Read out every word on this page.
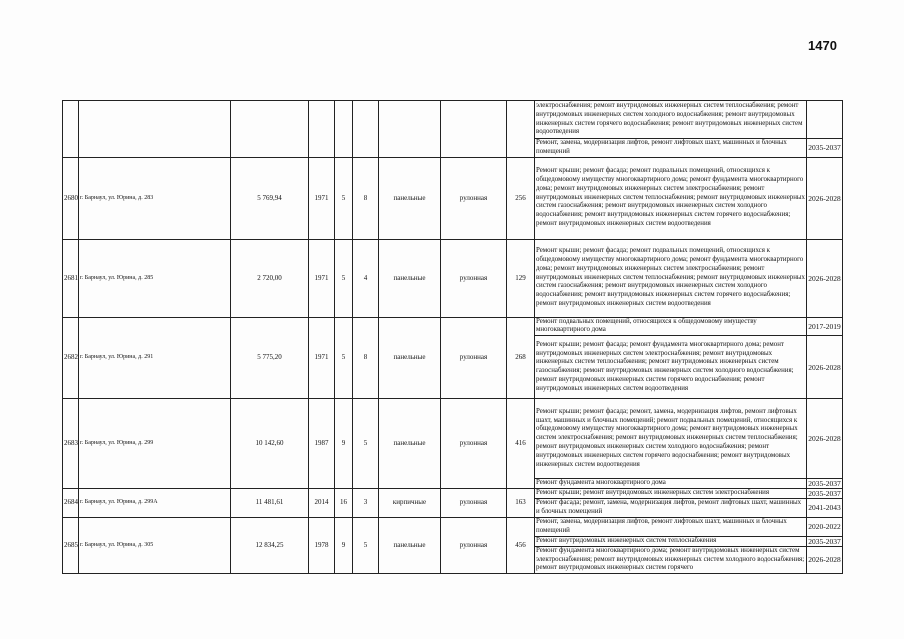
1470
									электроснабжения; ремонт внутридомовых инженерных систем теплоснабжения; ремонт внутридомовых инженерных систем холодного водоснабжения; ремонт внутридомовых инженерных систем горячего водоснабжения; ремонт внутридомовых инженерных систем водоотведения	
									Ремонт, замена, модернизация лифтов, ремонт лифтовых шахт, машинных и блочных помещений	2035-2037
2680	г. Барнаул, ул. Юрина, д. 283	5 769,94	1971	5	8	панельные	рулонная	256	Ремонт крыши; ремонт фасада; ремонт подвальных помещений, относящихся к общедомовому имуществу многоквартирного дома; ремонт фундамента многоквартирного дома; ремонт внутридомовых инженерных систем электроснабжения; ремонт внутридомовых инженерных систем теплоснабжения; ремонт внутридомовых инженерных систем газоснабжения; ремонт внутридомовых инженерных систем холодного водоснабжения; ремонт внутридомовых инженерных систем горячего водоснабжения; ремонт внутридомовых инженерных систем водоотведения	2026-2028
2681	г. Барнаул, ул. Юрина, д. 285	2 720,00	1971	5	4	панельные	рулонная	129	Ремонт крыши; ремонт фасада; ремонт подвальных помещений, относящихся к общедомовому имуществу многоквартирного дома; ремонт фундамента многоквартирного дома; ремонт внутридомовых инженерных систем электроснабжения; ремонт внутридомовых инженерных систем теплоснабжения; ремонт внутридомовых инженерных систем газоснабжения; ремонт внутридомовых инженерных систем холодного водоснабжения; ремонт внутридомовых инженерных систем горячего водоснабжения; ремонт внутридомовых инженерных систем водоотведения	2026-2028
2682	г. Барнаул, ул. Юрина, д. 291	5 775,20	1971	5	8	панельные	рулонная	268	Ремонт подвальных помещений, относящихся к общедомовому имуществу многоквартирного дома	2017-2019
									Ремонт крыши; ремонт фасада; ремонт фундамента многоквартирного дома; ремонт внутридомовых инженерных систем электроснабжения; ремонт внутридомовых инженерных систем теплоснабжения; ремонт внутридомовых инженерных систем газоснабжения; ремонт внутридомовых инженерных систем холодного водоснабжения; ремонт внутридомовых инженерных систем горячего водоснабжения; ремонт внутридомовых инженерных систем водоотведения	2026-2028
2683	г. Барнаул, ул. Юрина, д. 299	10 142,60	1987	9	5	панельные	рулонная	416	Ремонт крыши; ремонт фасада; ремонт, замена, модернизация лифтов, ремонт лифтовых шахт, машинных и блочных помещений; ремонт подвальных помещений, относящихся к общедомовому имуществу многоквартирного дома; ремонт внутридомовых инженерных систем электроснабжения; ремонт внутридомовых инженерных систем теплоснабжения; ремонт внутридомовых инженерных систем холодного водоснабжения; ремонт внутридомовых инженерных систем горячего водоснабжения; ремонт внутридомовых инженерных систем водоотведения	2026-2028
									Ремонт фундамента многоквартирного дома	2035-2037
2684	г. Барнаул, ул. Юрина, д. 299А	11 481,61	2014	16	3	кирпичные	рулонная	163	Ремонт крыши; ремонт внутридомовых инженерных систем электроснабжения	2035-2037
									Ремонт фасада; ремонт, замена, модернизация лифтов, ремонт лифтовых шахт, машинных и блочных помещений	2041-2043
2685	г. Барнаул, ул. Юрина, д. 305	12 834,25	1978	9	5	панельные	рулонная	456	Ремонт, замена, модернизация лифтов, ремонт лифтовых шахт, машинных и блочных помещений	2020-2022
									Ремонт внутридомовых инженерных систем теплоснабжения	2035-2037
									Ремонт фундамента многоквартирного дома; ремонт внутридомовых инженерных систем электроснабжения; ремонт внутридомовых инженерных систем холодного водоснабжения; ремонт внутридомовых инженерных систем горячего	2026-2028
